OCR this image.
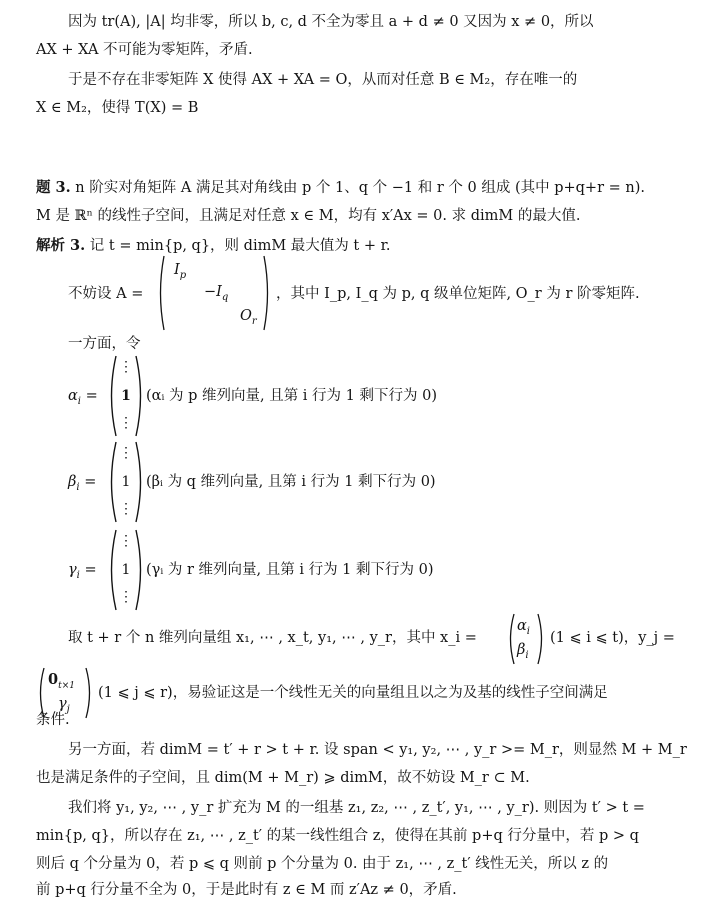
因为 tr(A), |A| 均非零，所以 b, c, d 不全为零且 a + d ≠ 0 又因为 x ≠ 0，所以
AX + XA 不可能为零矩阵，矛盾.
于是不存在非零矩阵 X 使得 AX + XA = O，从而对任意 B ∈ M₂，存在唯一的
X ∈ M₂，使得 T(X) = B
题 3. n 阶实对角矩阵 A 满足其对角线由 p 个 1、q 个 −1 和 r 个 0 组成 (其中 p+q+r = n).
M 是 ℝⁿ 的线性子空间，且满足对任意 x ∈ M，均有 x′Ax = 0. 求 dimM 的最大值.
解析 3. 记 t = min{p, q}，则 dimM 最大值为 t + r.
不妨设 A =
$I_p$
$-I_q$
$O_r$
，其中 I_p, I_q 为 p, q 级单位矩阵, O_r 为 r 阶零矩阵.
一方面，令
$\alpha_i$ =
⋮
1
⋮
(αᵢ 为 p 维列向量, 且第 i 行为 1 剩下行为 0)
$\beta_i$ =
⋮
1
⋮
(βᵢ 为 q 维列向量, 且第 i 行为 1 剩下行为 0)
$\gamma_i$ =
⋮
1
⋮
(γᵢ 为 r 维列向量, 且第 i 行为 1 剩下行为 0)
取 t + r 个 n 维列向量组 x₁, ⋯ , x_t, y₁, ⋯ , y_r，其中 x_i =
$\alpha_i$
$\beta_i$
(1 ⩽ i ⩽ t)，y_j =
$0_{t\times 1}$
$\gamma_j$
(1 ⩽ j ⩽ r)，易验证这是一个线性无关的向量组且以之为及基的线性子空间满足
条件.
另一方面，若 dimM = t′ + r > t + r. 设 span < y₁, y₂, ⋯ , y_r >= M_r，则显然 M + M_r
也是满足条件的子空间，且 dim(M + M_r) ⩾ dimM，故不妨设 M_r ⊂ M.
我们将 y₁, y₂, ⋯ , y_r 扩充为 M 的一组基 z₁, z₂, ⋯ , z_t′, y₁, ⋯ , y_r). 则因为 t′ > t =
min{p, q}，所以存在 z₁, ⋯ , z_t′ 的某一线性组合 z，使得在其前 p+q 行分量中，若 p > q
则后 q 个分量为 0，若 p ⩽ q 则前 p 个分量为 0. 由于 z₁, ⋯ , z_t′ 线性无关，所以 z 的
前 p+q 行分量不全为 0，于是此时有 z ∈ M 而 z′Az ≠ 0，矛盾.
